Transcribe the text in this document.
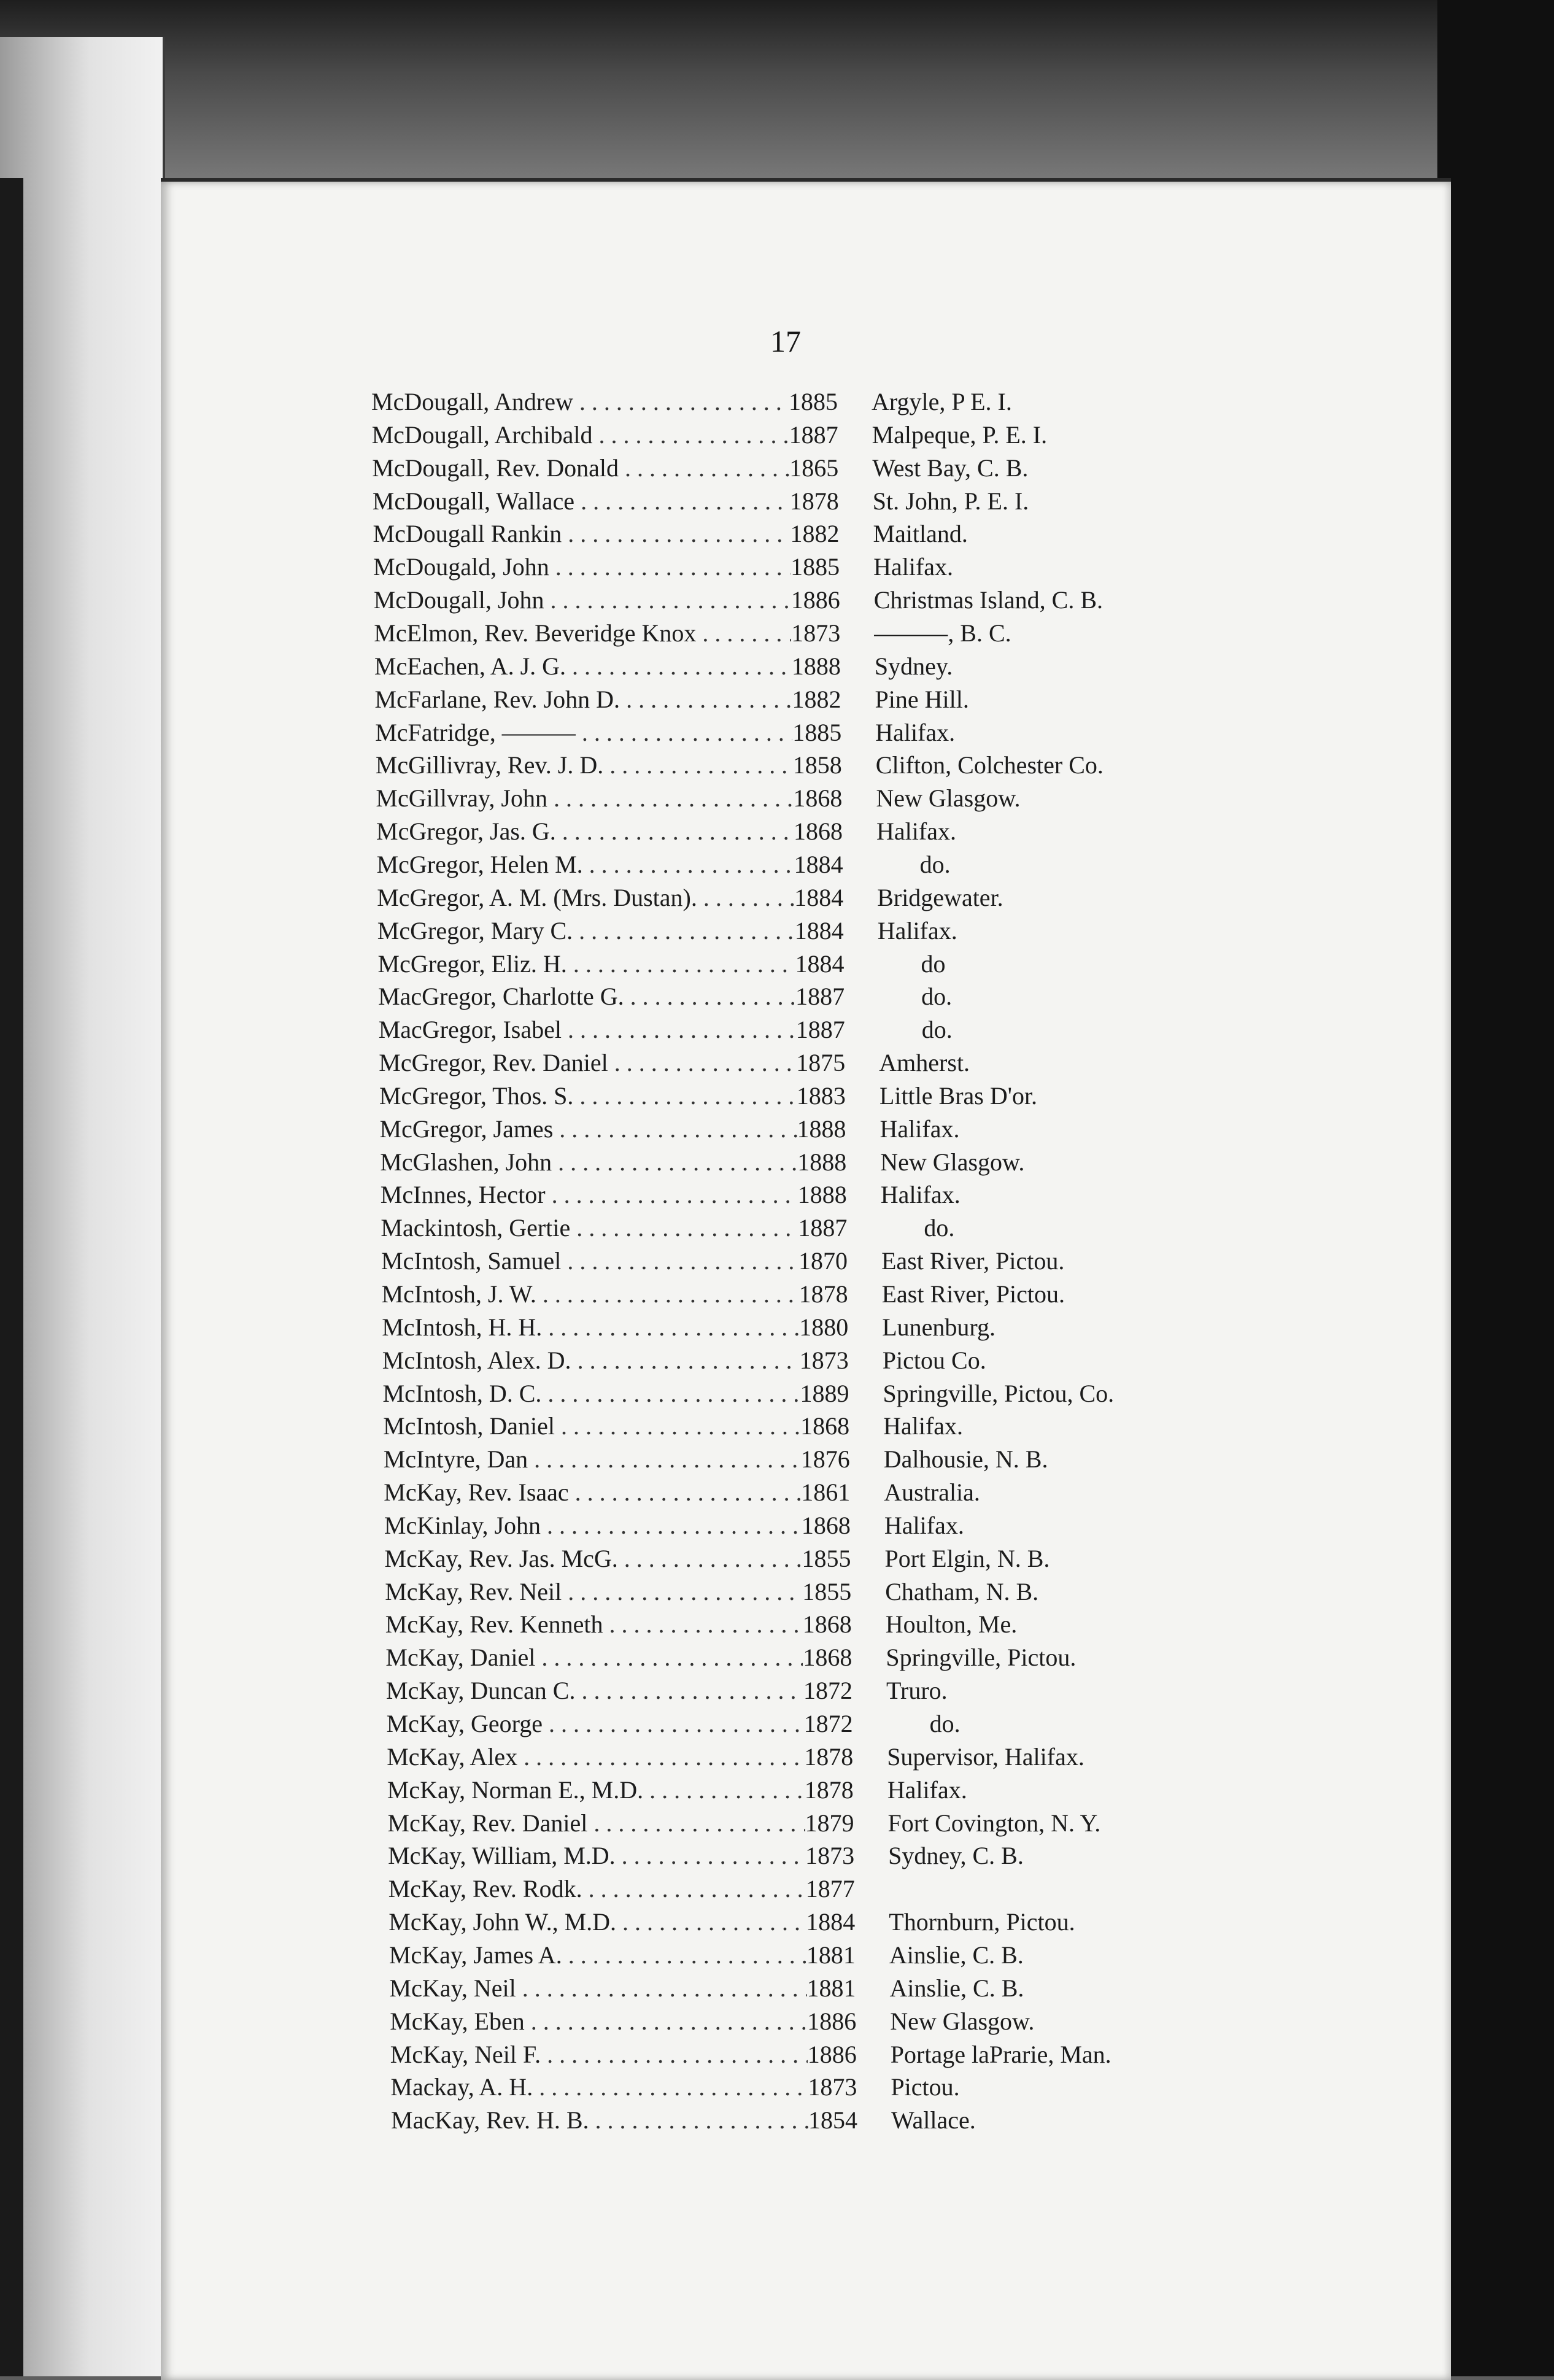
17
McDougall, Andrew . . .	1885	Argyle, P E. I.
McDougall, Archibald . . .	1887	Malpeque, P. E. I.
McDougall, Rev. Donald . . .	1865	West Bay, C. B.
McDougall, Wallace . . .	1878	St. John, P. E. I.
McDougall Rankin . . .	1882	Maitland.
McDougald, John . . .	1885	Halifax.
McDougall, John . . .	1886	Christmas Island, C. B.
McElmon, Rev. Beveridge Knox . . .	1873	———, B. C.
McEachen, A. J. G. . . .	1888	Sydney.
McFarlane, Rev. John D. . . .	1882	Pine Hill.
McFatridge, ——— . . .	1885	Halifax.
McGillivray, Rev. J. D. . . .	1858	Clifton, Colchester Co.
McGillvray, John . . .	1868	New Glasgow.
McGregor, Jas. G. . . .	1868	Halifax.
McGregor, Helen M. . . .	1884	do.
McGregor, A. M. (Mrs. Dustan). . . .	1884	Bridgewater.
McGregor, Mary C. . . .	1884	Halifax.
McGregor, Eliz. H. . . .	1884	do
MacGregor, Charlotte G. . . .	1887	do.
MacGregor, Isabel . . .	1887	do.
McGregor, Rev. Daniel . . .	1875	Amherst.
McGregor, Thos. S. . . .	1883	Little Bras D'or.
McGregor, James . . .	1888	Halifax.
McGlashen, John . . .	1888	New Glasgow.
McInnes, Hector . . .	1888	Halifax.
Mackintosh, Gertie . . .	1887	do.
McIntosh, Samuel . . .	1870	East River, Pictou.
McIntosh, J. W. . . .	1878	East River, Pictou.
McIntosh, H. H. . . .	1880	Lunenburg.
McIntosh, Alex. D. . . .	1873	Pictou Co.
McIntosh, D. C. . . .	1889	Springville, Pictou, Co.
McIntosh, Daniel . . .	1868	Halifax.
McIntyre, Dan . . .	1876	Dalhousie, N. B.
McKay, Rev. Isaac . . .	1861	Australia.
McKinlay, John . . .	1868	Halifax.
McKay, Rev. Jas. McG. . . .	1855	Port Elgin, N. B.
McKay, Rev. Neil . . .	1855	Chatham, N. B.
McKay, Rev. Kenneth . . .	1868	Houlton, Me.
McKay, Daniel . . .	1868	Springville, Pictou.
McKay, Duncan C. . . .	1872	Truro.
McKay, George . . .	1872	do.
McKay, Alex . . .	1878	Supervisor, Halifax.
McKay, Norman E., M.D. . . .	1878	Halifax.
McKay, Rev. Daniel . . .	1879	Fort Covington, N. Y.
McKay, William, M.D. . . .	1873	Sydney, C. B.
McKay, Rev. Rodk. . . .	1877
McKay, John W., M.D. . . .	1884	Thornburn, Pictou.
McKay, James A. . . .	1881	Ainslie, C. B.
McKay, Neil . . .	1881	Ainslie, C. B.
McKay, Eben . . .	1886	New Glasgow.
McKay, Neil F. . . .	1886	Portage laPrarie, Man.
Mackay, A. H. . . .	1873	Pictou.
MacKay, Rev. H. B. . . .	1854	Wallace.
